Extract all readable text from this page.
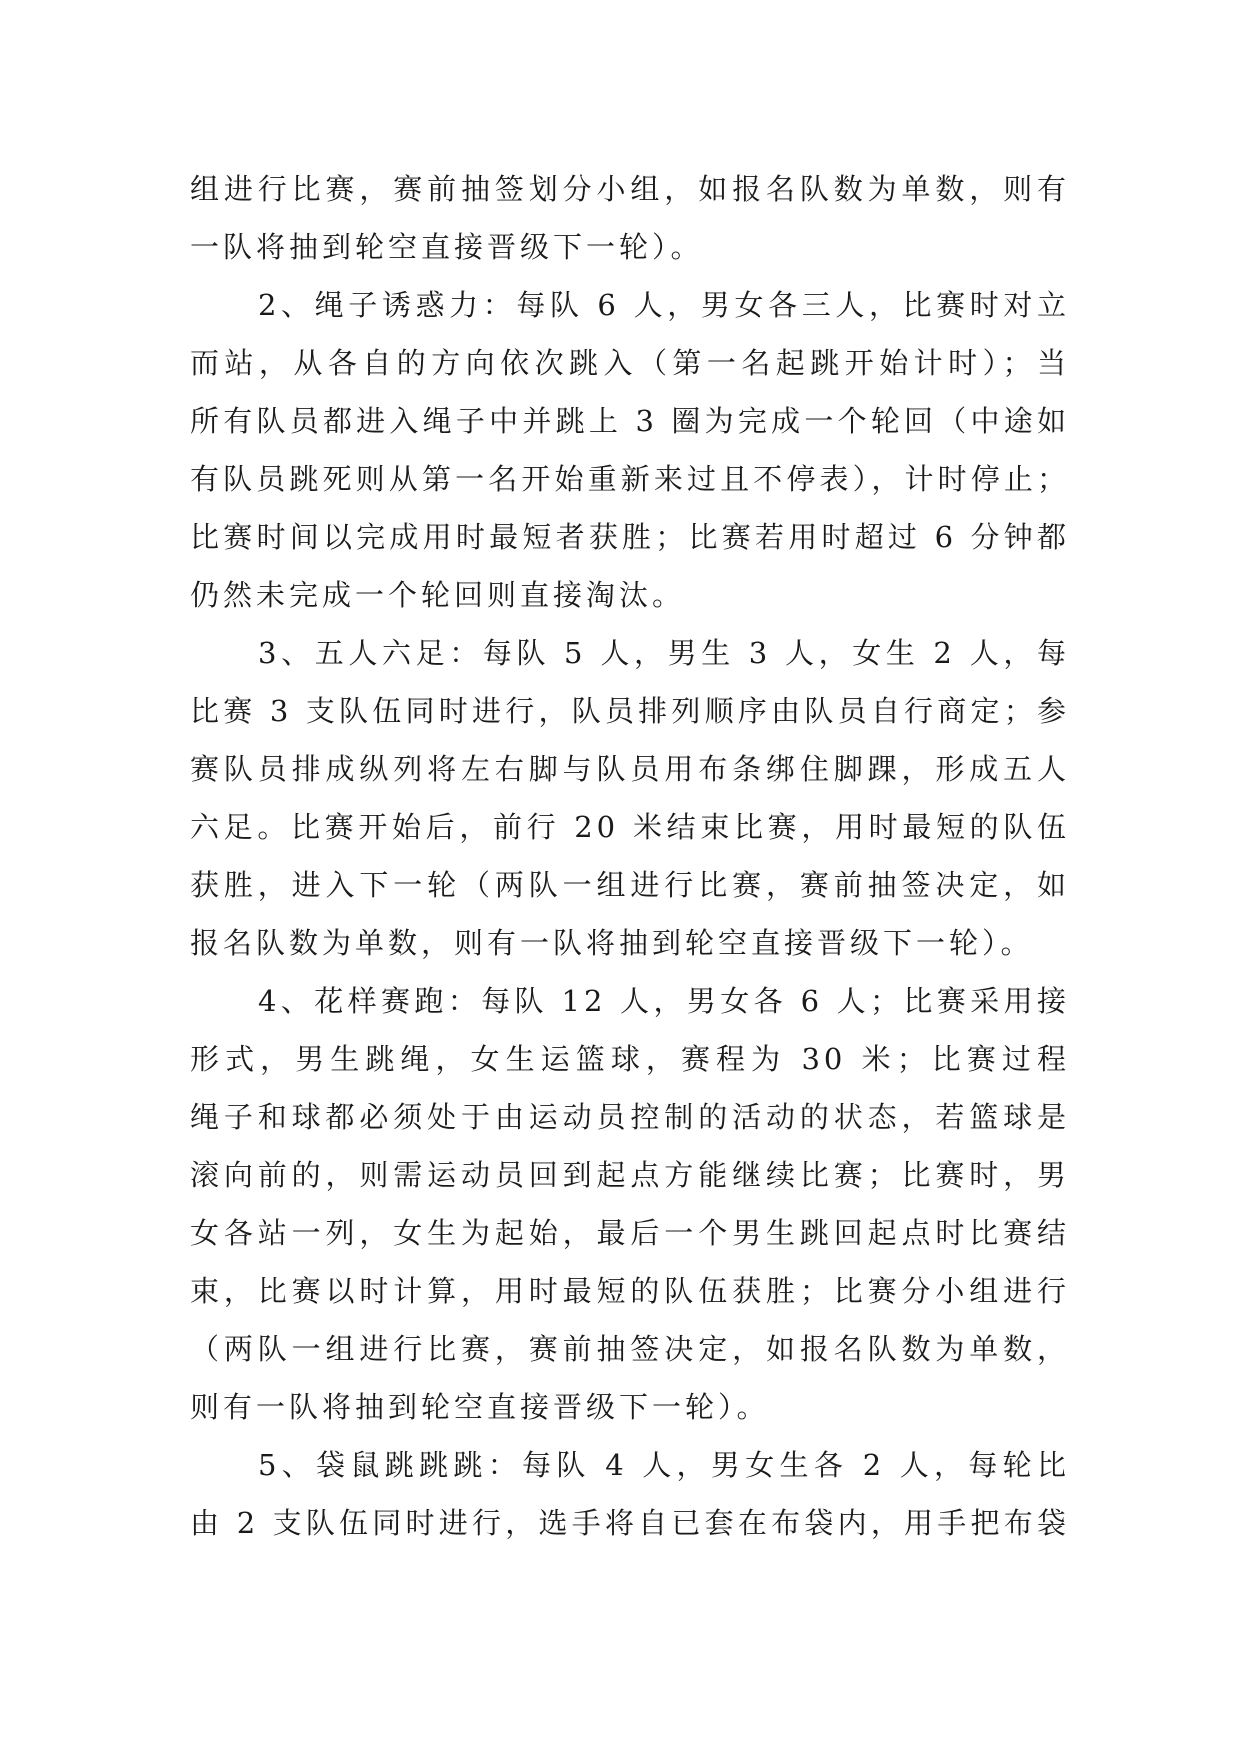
组进行比赛，赛前抽签划分小组，如报名队数为单数，则有
一队将抽到轮空直接晋级下一轮）。
2、绳子诱惑力：每队 6 人，男女各三人，比赛时对立
而站，从各自的方向依次跳入（第一名起跳开始计时）；当
所有队员都进入绳子中并跳上 3 圈为完成一个轮回（中途如
有队员跳死则从第一名开始重新来过且不停表），计时停止；
比赛时间以完成用时最短者获胜；比赛若用时超过 6 分钟都
仍然未完成一个轮回则直接淘汰。
3、五人六足：每队 5 人，男生 3 人，女生 2 人，每
比赛 3 支队伍同时进行，队员排列顺序由队员自行商定；参
赛队员排成纵列将左右脚与队员用布条绑住脚踝，形成五人
六足。比赛开始后，前行 20 米结束比赛，用时最短的队伍
获胜，进入下一轮（两队一组进行比赛，赛前抽签决定，如
报名队数为单数，则有一队将抽到轮空直接晋级下一轮）。
4、花样赛跑：每队 12 人，男女各 6 人；比赛采用接
形式，男生跳绳，女生运篮球，赛程为 30 米；比赛过程
绳子和球都必须处于由运动员控制的活动的状态，若篮球是
滚向前的，则需运动员回到起点方能继续比赛；比赛时，男
女各站一列，女生为起始，最后一个男生跳回起点时比赛结
束，比赛以时计算，用时最短的队伍获胜；比赛分小组进行
（两队一组进行比赛，赛前抽签决定，如报名队数为单数，
则有一队将抽到轮空直接晋级下一轮）。
5、袋鼠跳跳跳：每队 4 人，男女生各 2 人，每轮比
由 2 支队伍同时进行，选手将自已套在布袋内，用手把布袋
